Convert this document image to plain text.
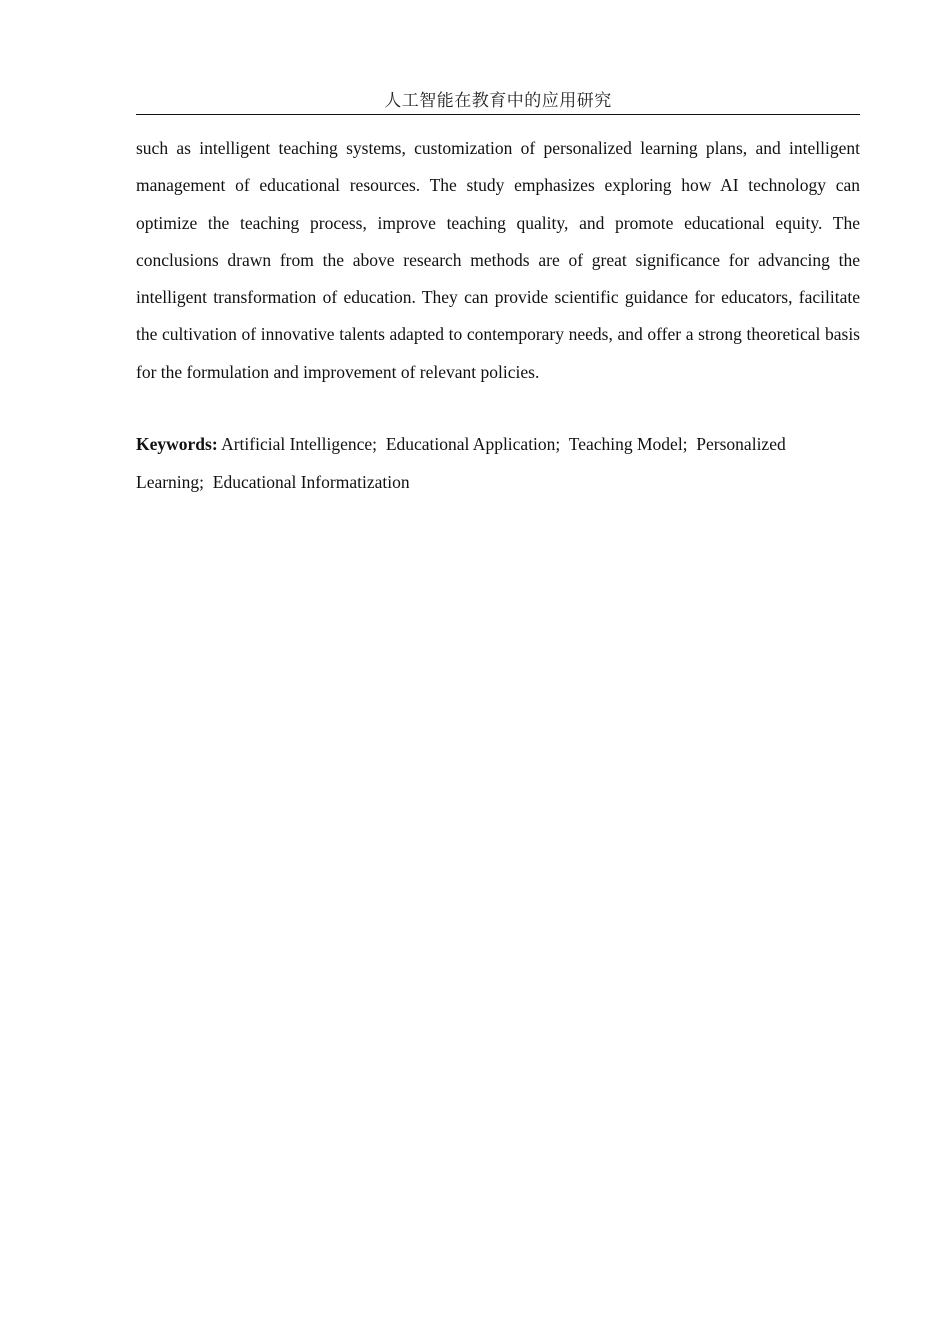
人工智能在教育中的应用研究

such as intelligent teaching systems, customization of personalized learning plans, and intelligent management of educational resources. The study emphasizes exploring how AI technology can optimize the teaching process, improve teaching quality, and promote educational equity. The conclusions drawn from the above research methods are of great significance for advancing the intelligent transformation of education. They can provide scientific guidance for educators, facilitate the cultivation of innovative talents adapted to contemporary needs, and offer a strong theoretical basis for the formulation and improvement of relevant policies.

Keywords: Artificial Intelligence; Educational Application; Teaching Model; Personalized Learning; Educational Informatization
